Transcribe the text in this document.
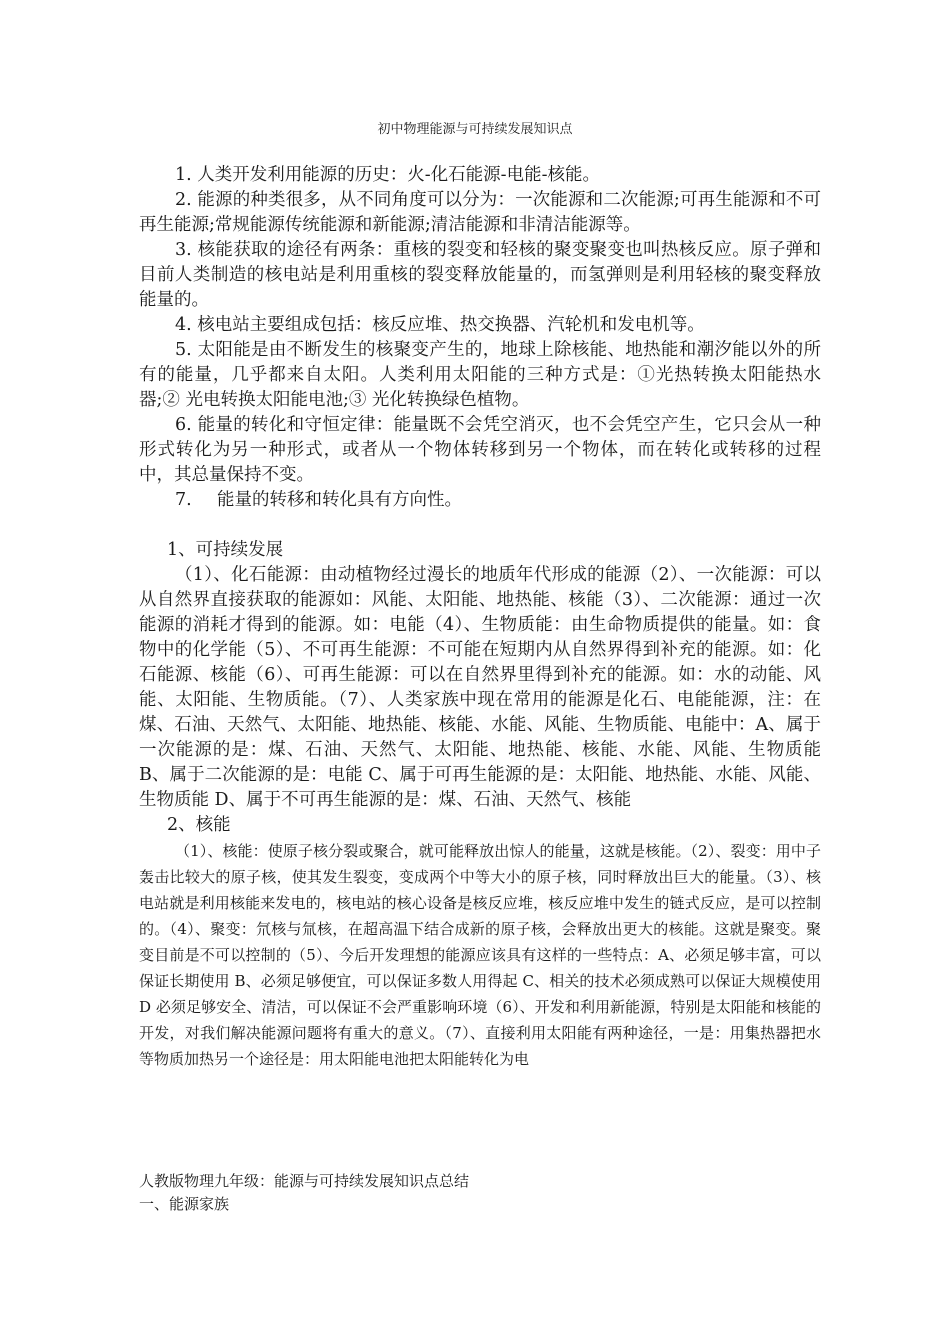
初中物理能源与可持续发展知识点

1. 人类开发利用能源的历史：火-化石能源-电能-核能。

2. 能源的种类很多，从不同角度可以分为：一次能源和二次能源;可再生能源和不可再生能源;常规能源传统能源和新能源;清洁能源和非清洁能源等。

3. 核能获取的途径有两条：重核的裂变和轻核的聚变聚变也叫热核反应。原子弹和目前人类制造的核电站是利用重核的裂变释放能量的，而氢弹则是利用轻核的聚变释放能量的。

4. 核电站主要组成包括：核反应堆、热交换器、汽轮机和发电机等。

5. 太阳能是由不断发生的核聚变产生的，地球上除核能、地热能和潮汐能以外的所有的能量，几乎都来自太阳。人类利用太阳能的三种方式是：①光热转换太阳能热水器;② 光电转换太阳能电池;③ 光化转换绿色植物。

6. 能量的转化和守恒定律：能量既不会凭空消灭，也不会凭空产生，它只会从一种形式转化为另一种形式，或者从一个物体转移到另一个物体，而在转化或转移的过程中，其总量保持不变。

7. 能量的转移和转化具有方向性。

1、可持续发展

（1）、化石能源：由动植物经过漫长的地质年代形成的能源（2）、一次能源：可以从自然界直接获取的能源如：风能、太阳能、地热能、核能（3）、二次能源：通过一次能源的消耗才得到的能源。如：电能（4）、生物质能：由生命物质提供的能量。如：食物中的化学能（5）、不可再生能源：不可能在短期内从自然界得到补充的能源。如：化石能源、核能（6）、可再生能源：可以在自然界里得到补充的能源。如：水的动能、风能、太阳能、生物质能。（7）、人类家族中现在常用的能源是化石、电能能源，注：在煤、石油、天然气、太阳能、地热能、核能、水能、风能、生物质能、电能中：A、属于一次能源的是：煤、石油、天然气、太阳能、地热能、核能、水能、风能、生物质能 B、属于二次能源的是：电能 C、属于可再生能源的是：太阳能、地热能、水能、风能、生物质能 D、属于不可再生能源的是：煤、石油、天然气、核能

2、核能

（1）、核能：使原子核分裂或聚合，就可能释放出惊人的能量，这就是核能。（2）、裂变：用中子轰击比较大的原子核，使其发生裂变，变成两个中等大小的原子核，同时释放出巨大的能量。（3）、核电站就是利用核能来发电的，核电站的核心设备是核反应堆，核反应堆中发生的链式反应，是可以控制的。（4）、聚变：氘核与氚核，在超高温下结合成新的原子核，会释放出更大的核能。这就是聚变。聚变目前是不可以控制的（5）、今后开发理想的能源应该具有这样的一些特点：A、必须足够丰富，可以保证长期使用 B、必须足够便宜，可以保证多数人用得起 C、相关的技术必须成熟可以保证大规模使用 D 必须足够安全、清洁，可以保证不会严重影响环境（6）、开发和利用新能源，特别是太阳能和核能的开发，对我们解决能源问题将有重大的意义。（7）、直接利用太阳能有两种途径，一是：用集热器把水等物质加热另一个途径是：用太阳能电池把太阳能转化为电

人教版物理九年级：能源与可持续发展知识点总结

一、能源家族
